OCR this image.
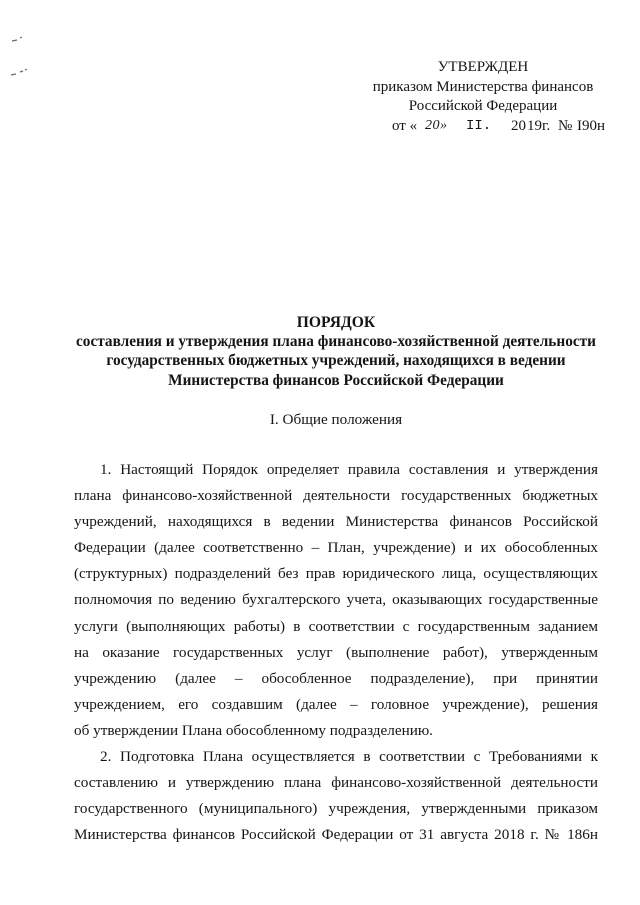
УТВЕРЖДЕН
приказом Министерства финансов
Российской Федерации
от « 20» II. 20 19г. № I90н
ПОРЯДОК
составления и утверждения плана финансово-хозяйственной деятельности
государственных бюджетных учреждений, находящихся в ведении
Министерства финансов Российской Федерации
I. Общие положения
1. Настоящий Порядок определяет правила составления и утверждения
плана финансово-хозяйственной деятельности государственных бюджетных
учреждений, находящихся в ведении Министерства финансов Российской
Федерации (далее соответственно – План, учреждение) и их обособленных
(структурных) подразделений без прав юридического лица, осуществляющих
полномочия по ведению бухгалтерского учета, оказывающих государственные
услуги (выполняющих работы) в соответствии с государственным заданием
на оказание государственных услуг (выполнение работ), утвержденным
учреждению (далее – обособленное подразделение), при принятии
учреждением, его создавшим (далее – головное учреждение), решения
об утверждении Плана обособленному подразделению.
2. Подготовка Плана осуществляется в соответствии с Требованиями к
составлению и утверждению плана финансово-хозяйственной деятельности
государственного (муниципального) учреждения, утвержденными приказом
Министерства финансов Российской Федерации от 31 августа 2018 г. № 186н
